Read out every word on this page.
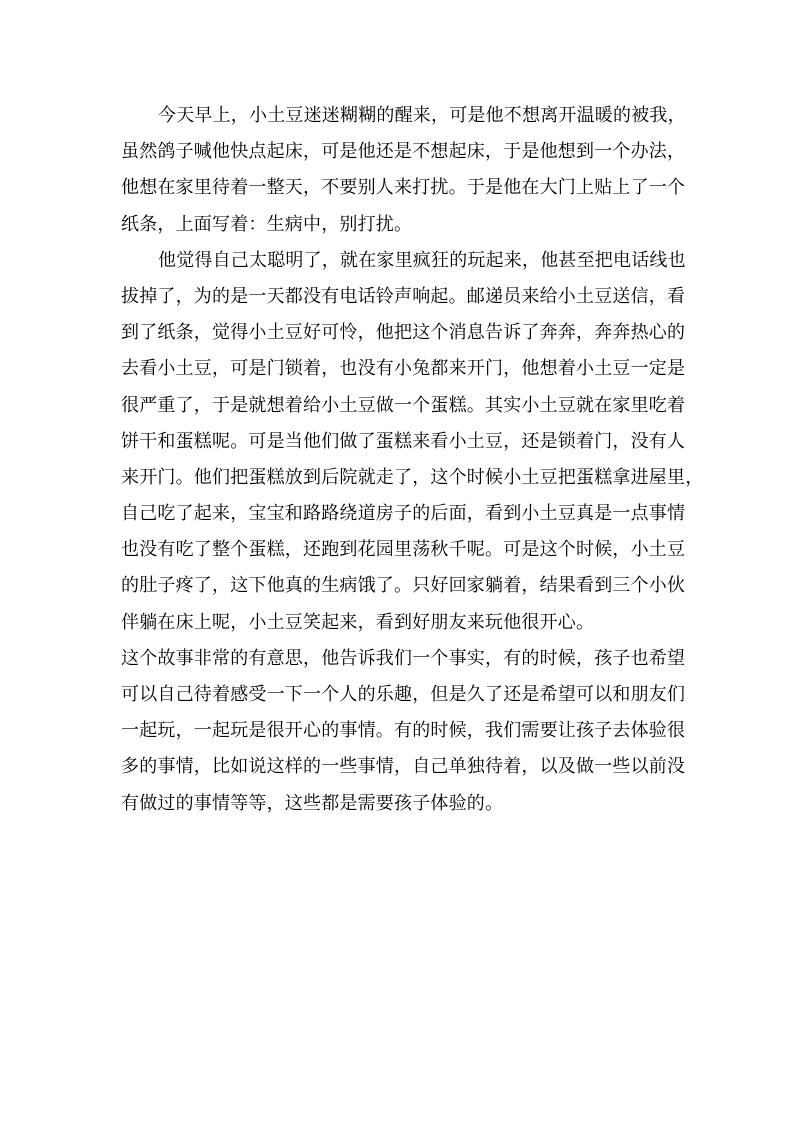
今天早上，小土豆迷迷糊糊的醒来，可是他不想离开温暖的被我，
虽然鸽子喊他快点起床，可是他还是不想起床，于是他想到一个办法，
他想在家里待着一整天，不要别人来打扰。于是他在大门上贴上了一个
纸条，上面写着：生病中，别打扰。
他觉得自己太聪明了，就在家里疯狂的玩起来，他甚至把电话线也
拔掉了，为的是一天都没有电话铃声响起。邮递员来给小土豆送信，看
到了纸条，觉得小土豆好可怜，他把这个消息告诉了奔奔，奔奔热心的
去看小土豆，可是门锁着，也没有小兔都来开门，他想着小土豆一定是
很严重了，于是就想着给小土豆做一个蛋糕。其实小土豆就在家里吃着
饼干和蛋糕呢。可是当他们做了蛋糕来看小土豆，还是锁着门，没有人
来开门。他们把蛋糕放到后院就走了，这个时候小土豆把蛋糕拿进屋里，
自己吃了起来，宝宝和路路绕道房子的后面，看到小土豆真是一点事情
也没有吃了整个蛋糕，还跑到花园里荡秋千呢。可是这个时候，小土豆
的肚子疼了，这下他真的生病饿了。只好回家躺着，结果看到三个小伙
伴躺在床上呢，小土豆笑起来，看到好朋友来玩他很开心。
这个故事非常的有意思，他告诉我们一个事实，有的时候，孩子也希望
可以自己待着感受一下一个人的乐趣，但是久了还是希望可以和朋友们
一起玩，一起玩是很开心的事情。有的时候，我们需要让孩子去体验很
多的事情，比如说这样的一些事情，自己单独待着，以及做一些以前没
有做过的事情等等，这些都是需要孩子体验的。
